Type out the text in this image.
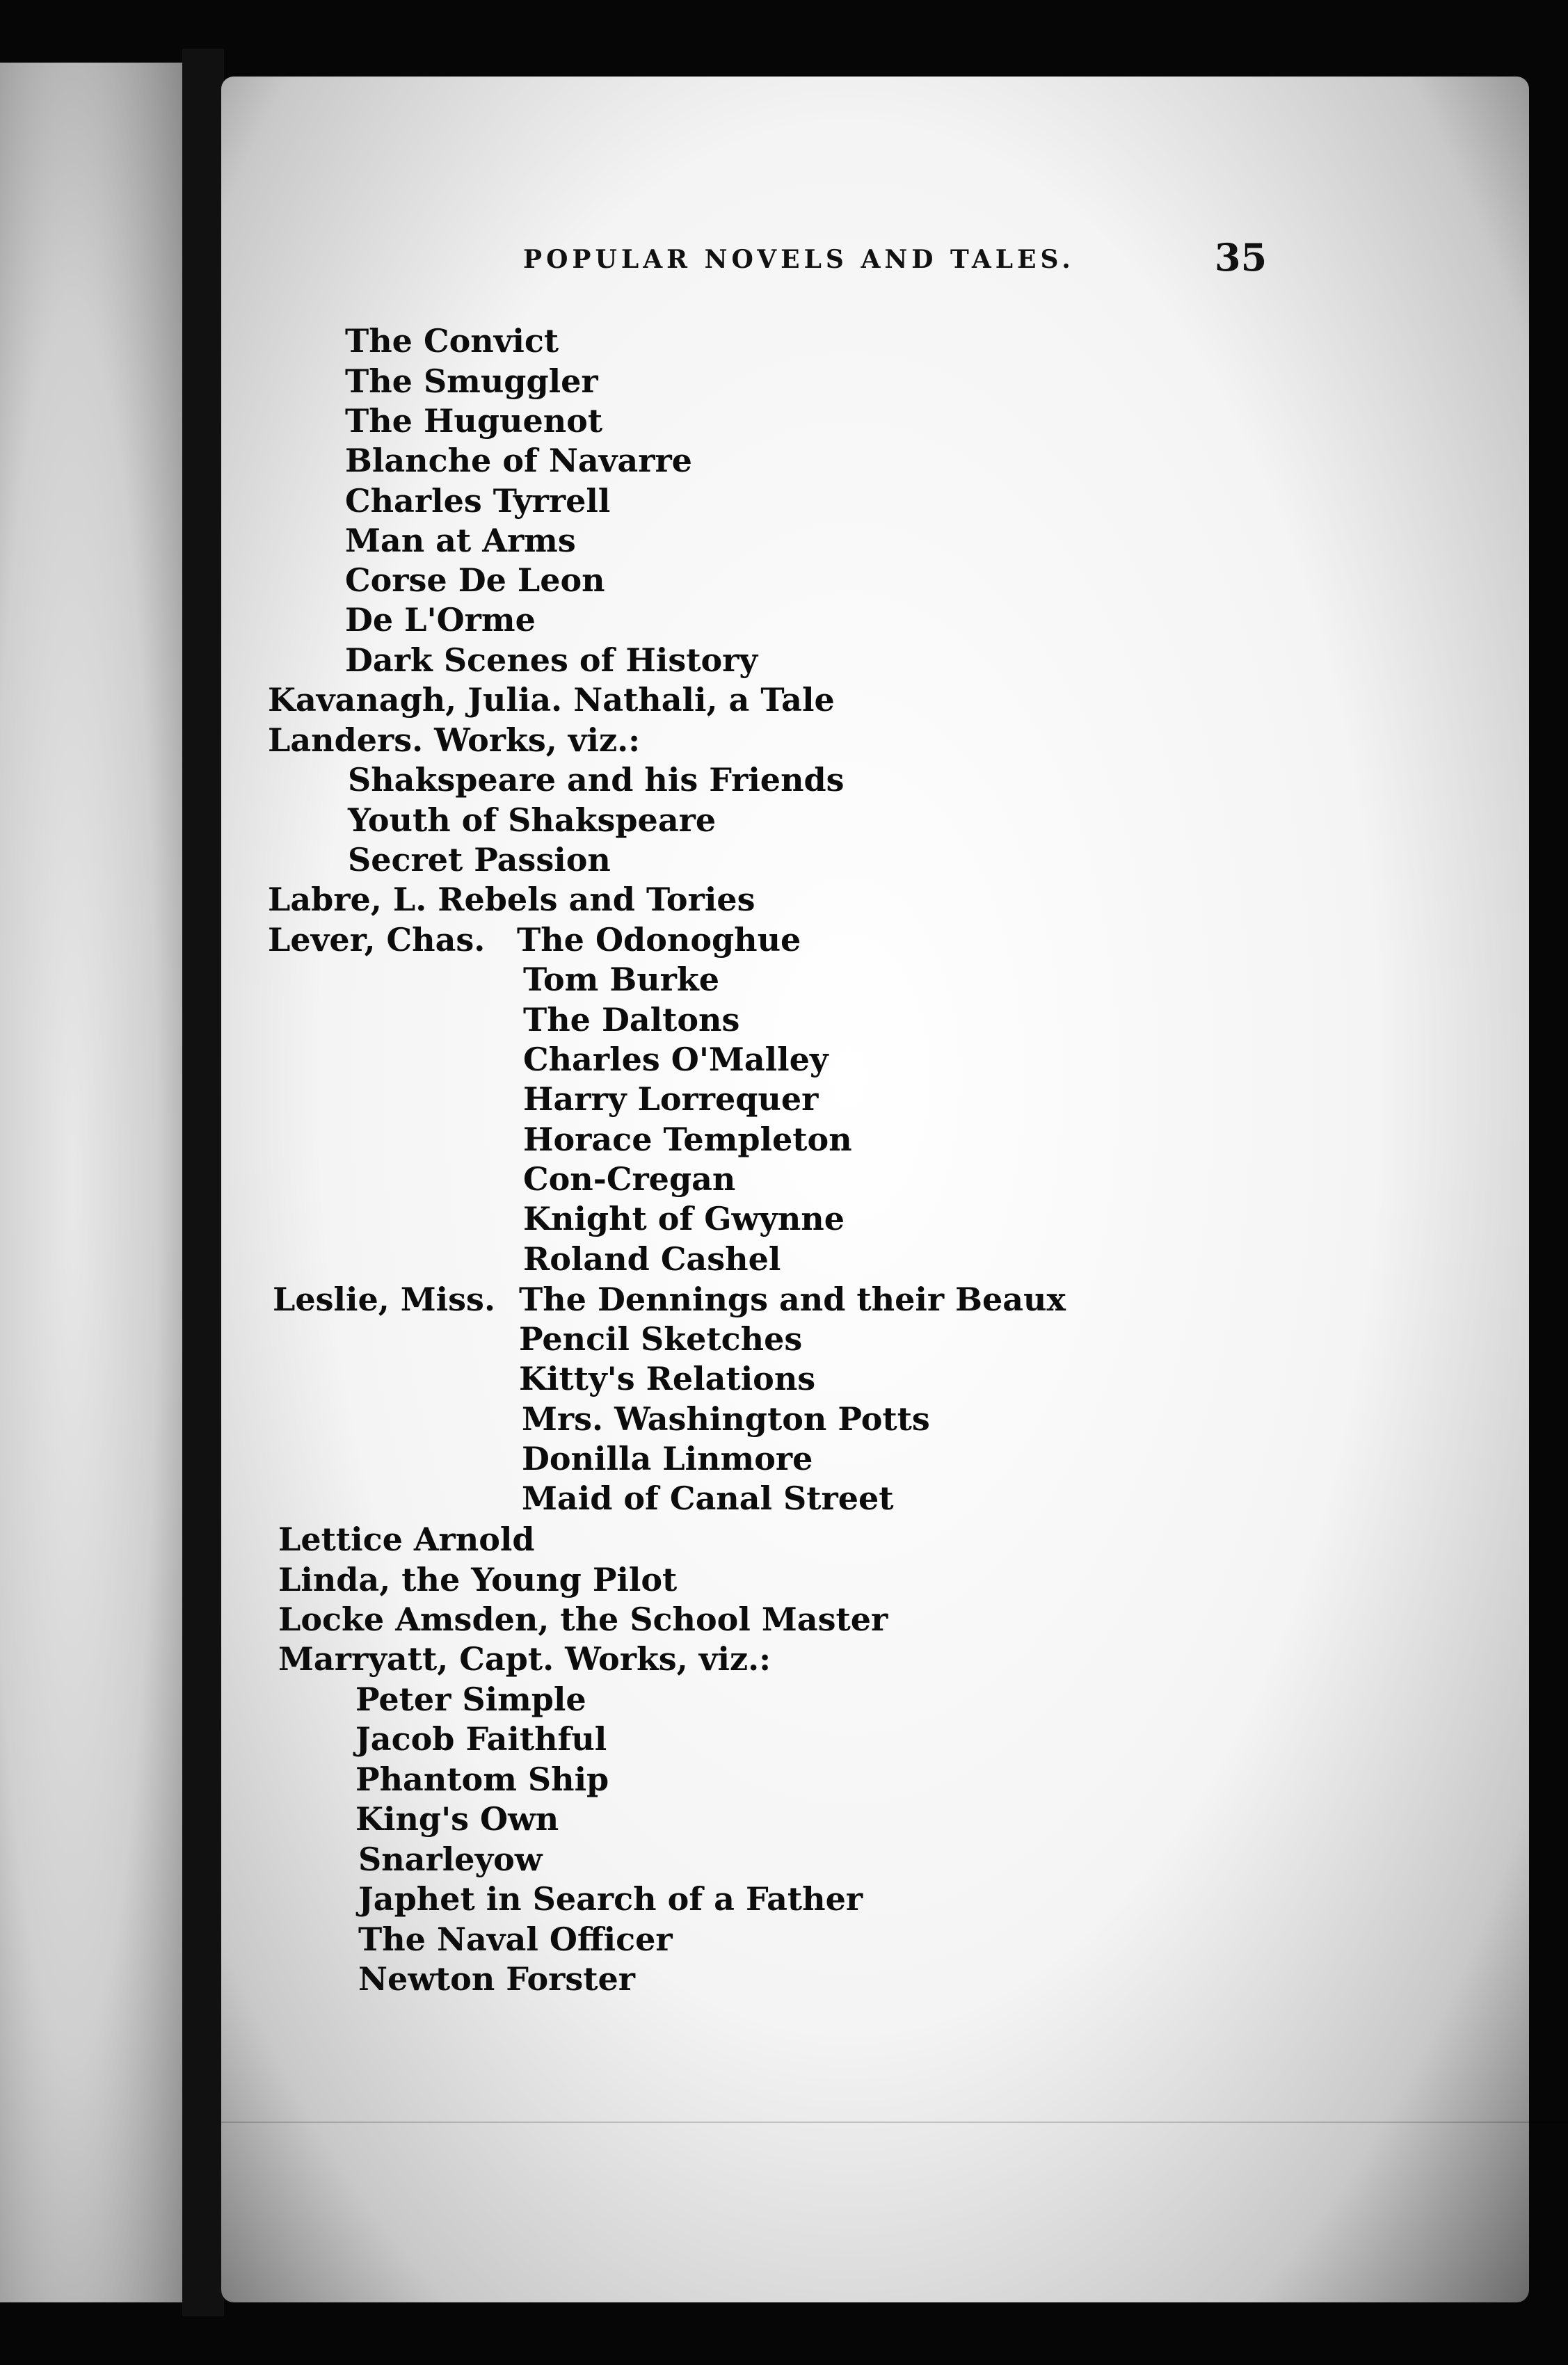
POPULAR NOVELS AND TALES.	35
The Convict
The Smuggler
The Huguenot
Blanche of Navarre
Charles Tyrrell
Man at Arms
Corse De Leon
De L'Orme
Dark Scenes of History
Kavanagh, Julia. Nathali, a Tale
Landers. Works, viz.:
Shakspeare and his Friends
Youth of Shakspeare
Secret Passion
Labre, L. Rebels and Tories
Lever, Chas. The Odonoghue
Tom Burke
The Daltons
Charles O'Malley
Harry Lorrequer
Horace Templeton
Con-Cregan
Knight of Gwynne
Roland Cashel
Leslie, Miss. The Dennings and their Beaux
Pencil Sketches
Kitty's Relations
Mrs. Washington Potts
Donilla Linmore
Maid of Canal Street
Lettice Arnold
Linda, the Young Pilot
Locke Amsden, the School Master
Marryatt, Capt. Works, viz.:
Peter Simple
Jacob Faithful
Phantom Ship
King's Own
Snarleyow
Japhet in Search of a Father
The Naval Officer
Newton Forster
